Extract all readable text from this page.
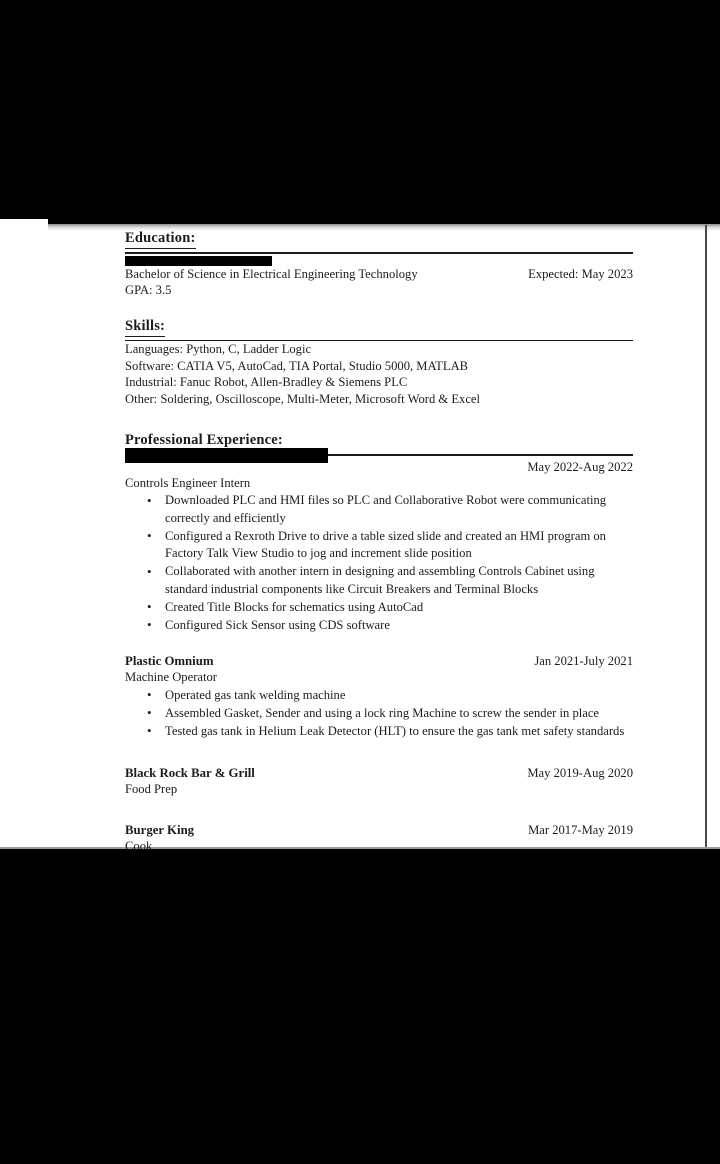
Education:
Bachelor of Science in Electrical Engineering Technology	Expected: May 2023
GPA: 3.5
Skills:
Languages: Python, C, Ladder Logic
Software: CATIA V5, AutoCad, TIA Portal, Studio 5000, MATLAB
Industrial: Fanuc Robot, Allen-Bradley & Siemens PLC
Other: Soldering, Oscilloscope, Multi-Meter, Microsoft Word & Excel
Professional Experience:
May 2022-Aug 2022
Controls Engineer Intern
• Downloaded PLC and HMI files so PLC and Collaborative Robot were communicating correctly and efficiently
• Configured a Rexroth Drive to drive a table sized slide and created an HMI program on Factory Talk View Studio to jog and increment slide position
• Collaborated with another intern in designing and assembling Controls Cabinet using standard industrial components like Circuit Breakers and Terminal Blocks
• Created Title Blocks for schematics using AutoCad
• Configured Sick Sensor using CDS software
Plastic Omnium	Jan 2021-July 2021
Machine Operator
• Operated gas tank welding machine
• Assembled Gasket, Sender and using a lock ring Machine to screw the sender in place
• Tested gas tank in Helium Leak Detector (HLT) to ensure the gas tank met safety standards
Black Rock Bar & Grill	May 2019-Aug 2020
Food Prep
Burger King	Mar 2017-May 2019
Cook
